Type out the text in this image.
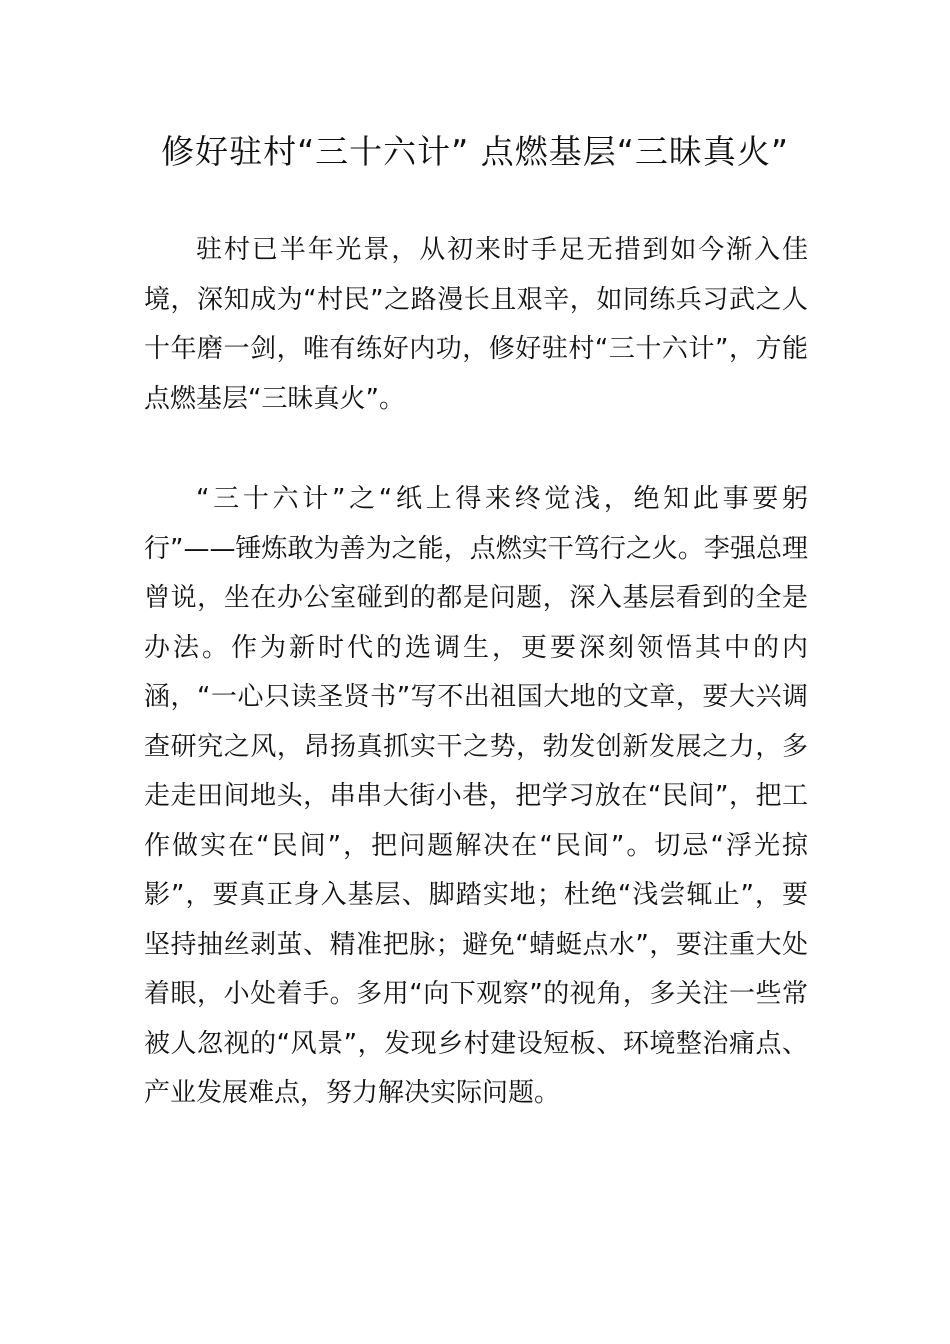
修好驻村“三十六计” 点燃基层“三昧真火”

驻村已半年光景，从初来时手足无措到如今渐入佳境，深知成为“村民”之路漫长且艰辛，如同练兵习武之人十年磨一剑，唯有练好内功，修好驻村“三十六计”，方能点燃基层“三昧真火”。

“三十六计”之“纸上得来终觉浅，绝知此事要躬行”——锤炼敢为善为之能，点燃实干笃行之火。李强总理曾说，坐在办公室碰到的都是问题，深入基层看到的全是办法。作为新时代的选调生，更要深刻领悟其中的内涵，“一心只读圣贤书”写不出祖国大地的文章，要大兴调查研究之风，昂扬真抓实干之势，勃发创新发展之力，多走走田间地头，串串大街小巷，把学习放在“民间”，把工作做实在“民间”，把问题解决在“民间”。切忌“浮光掠影”，要真正身入基层、脚踏实地；杜绝“浅尝辄止”，要坚持抽丝剥茧、精准把脉；避免“蜻蜓点水”，要注重大处着眼，小处着手。多用“向下观察”的视角，多关注一些常被人忽视的“风景”，发现乡村建设短板、环境整治痛点、产业发展难点，努力解决实际问题。
